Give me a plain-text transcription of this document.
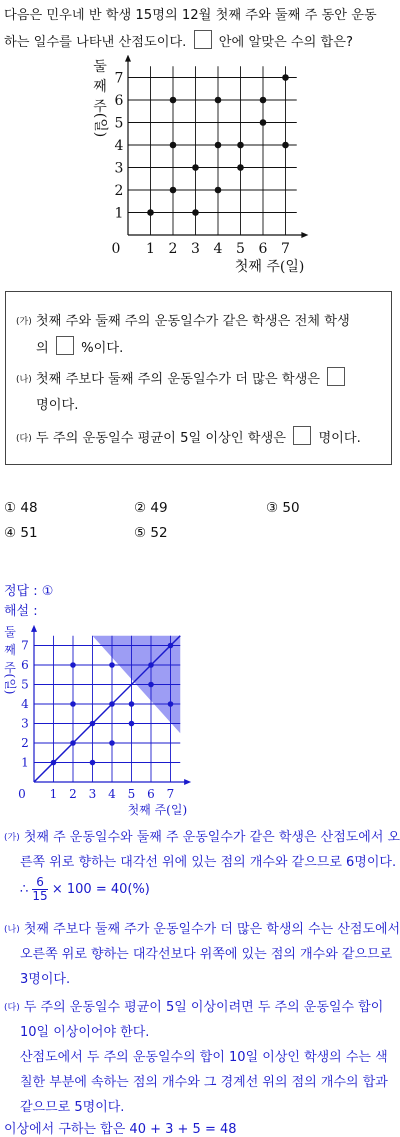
다음은 민우네 반 학생 15명의 12월 첫째 주와 둘째 주 동안 운동
하는 일수를 나타낸 산점도이다. 안에 알맞은 수의 합은?
1 2 3 4 5 6 7
1
2
3
4
5
6
7
0
첫째 주(일)
둘
째
주
(일)
(가) 첫째 주와 둘째 주의 운동일수가 같은 학생은 전체 학생
의 %이다.
(나) 첫째 주보다 둘째 주의 운동일수가 더 많은 학생은
명이다.
(다) 두 주의 운동일수 평균이 5일 이상인 학생은 명이다.
① 48	② 49	③ 50
④ 51	⑤ 52
정답 : ①
해설 :
1 2 3 4 5 6 7
1
2
3
4
5
6
7
0
첫째 주(일)
둘
째
주
(일)
(가) 첫째 주 운동일수와 둘째 주 운동일수가 같은 학생은 산점도에서 오
른쪽 위로 향하는 대각선 위에 있는 점의 개수와 같으므로 6명이다.
∴ $\frac{6}{15} \times 100 = 40(\%)$
(나) 첫째 주보다 둘째 주가 운동일수가 더 많은 학생의 수는 산점도에서
오른쪽 위로 향하는 대각선보다 위쪽에 있는 점의 개수와 같으므로
3명이다.
(다) 두 주의 운동일수 평균이 5일 이상이려면 두 주의 운동일수 합이
10일 이상이어야 한다.
산점도에서 두 주의 운동일수의 합이 10일 이상인 학생의 수는 색
칠한 부분에 속하는 점의 개수와 그 경계선 위의 점의 개수의 합과
같으므로 5명이다.
이상에서 구하는 합은 40 + 3 + 5 = 48
